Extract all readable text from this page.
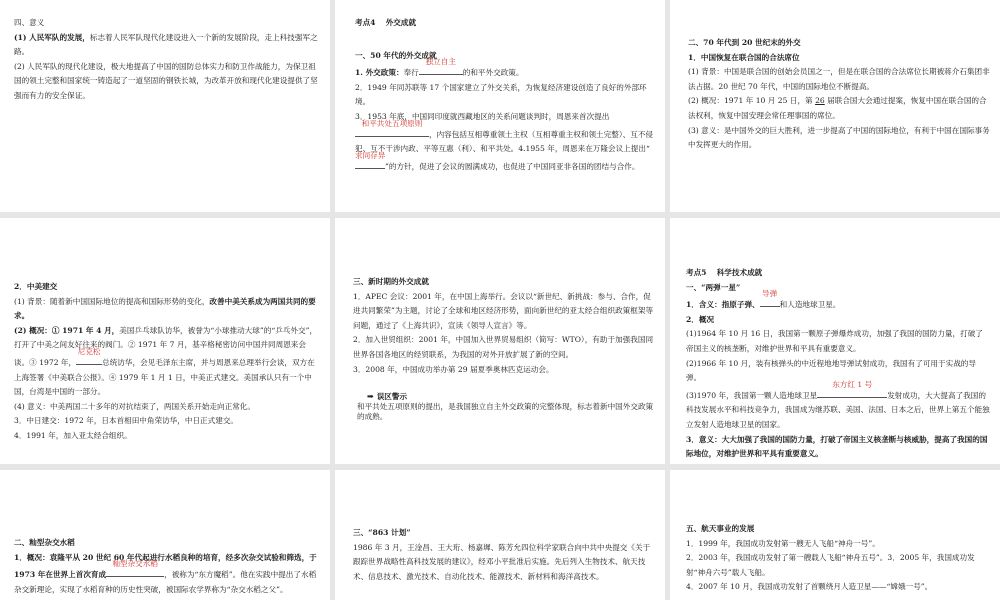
四、意义
(1) 人民军队的发展，标志着人民军队现代化建设进入一个新的发展阶段，走上科技强军之路。
(2) 人民军队的现代化建设，极大地提高了中国的国防总体实力和防卫作战能力，为保卫祖国的领土完整和国家统一铸造起了一道坚固的钢铁长城，为改革开放和现代化建设提供了坚强而有力的安全保证。
考点4　 外交成就
一、50 年代的外交成就
1. 外交政策：奉行
独立自主
的和平外交政策。
2．1949 年同苏联等 17 个国家建立了外交关系，为恢复经济建设创造了良好的外部环境。
3．1953 年底，中国同印度就西藏地区的关系问题谈判时，周恩来首次提出
和平共处五项原则
，内容包括互相尊重领土主权（互相尊重主权和领土完整）、互不侵犯、互不干涉内政、平等互惠（利）、和平共处。4.1955 年，周恩来在万隆会议上提出“
求同存异
”的方针，促进了会议的圆满成功，也促进了中国同亚非各国的团结与合作。
二、70 年代到 20 世纪末的外交
1．中国恢复在联合国的合法席位
(1) 背景：中国是联合国的创始会员国之一，但是在联合国的合法席位长期被蒋介石集团非法占据。20 世纪 70 年代，中国的国际地位不断提高。
(2) 概况：1971 年 10 月 25 日，第 26 届联合国大会通过提案，恢复中国在联合国的合法权利，恢复中国安理会常任理事国的席位。
(3) 意义：是中国外交的巨大胜利，进一步提高了中国的国际地位，有利于中国在国际事务中发挥更大的作用。
2．中美建交
(1) 背景：随着新中国国际地位的提高和国际形势的变化，改善中美关系成为两国共同的要求。
(2) 概况：① 1971 年 4 月，美国乒乓球队访华，被誉为“小球推动大球”的“乒乓外交”，打开了中美之间友好往来的阀门。② 1971 年 7 月，基辛格秘密访问中国并同周恩来会谈。③ 1972 年，
尼克松
总统访华，会见毛泽东主席，并与周恩来总理举行会谈，双方在上海签署《中美联合公报》。④ 1979 年 1 月 1 日，中美正式建交。美国承认只有一个中国，台湾是中国的一部分。
(4) 意义：中美两国二十多年的对抗结束了，两国关系开始走向正常化。
3．中日建交：1972 年，日本首相田中角荣访华，中日正式建交。
4．1991 年，加入亚太经合组织。
三、新时期的外交成就
1．APEC 会议：2001 年，在中国上海举行。会议以“新世纪、新挑战：参与、合作，促进共同繁荣”为主题，讨论了全球和地区经济形势，面向新世纪的亚太经合组织政策框架等问题，通过了《上海共识》，宣读《领导人宣言》等。
2．加入世贸组织：2001 年，中国加入世界贸易组织（简写：WTO），有助于加强我国同世界各国各地区的经贸联系，为我国的对外开放扩展了新的空间。
3．2008 年，中国成功举办第 29 届夏季奥林匹克运动会。
➡ 误区警示
和平共处五项原则的提出，是我国独立自主外交政策的完整体现，标志着新中国外交政策的成熟。
考点5　 科学技术成就
一、“两弹一星”
1．含义：指原子弹、
导弹
和人造地球卫星。
2．概况
(1)1964 年 10 月 16 日，我国第一颗原子弹爆炸成功，加强了我国的国防力量，打破了帝国主义的核垄断，对维护世界和平具有重要意义。
(2)1966 年 10 月，装有核弹头的中近程地地导弹试射成功，我国有了可用于实战的导弹。
(3)1970 年，我国第一颗人造地球卫星
东方红 1 号
发射成功，大大提高了我国的科技发展水平和科技竞争力，我国成为继苏联、美国、法国、日本之后，世界上第五个能独立发射人造地球卫星的国家。
3．意义：大大加强了我国的国防力量，打破了帝国主义核垄断与核威胁，提高了我国的国际地位，对维护世界和平具有重要意义。
二、籼型杂交水稻
1．概况：袁隆平从 20 世纪 60 年代起进行水稻良种的培育，经多次杂交试验和筛选，于 1973 年在世界上首次育成
籼型杂交水稻
，被称为“东方魔稻”。他在实践中提出了水稻杂交新理论，实现了水稻育种的历史性突破，被国际农学界称为“杂交水稻之父”。
三、“863 计划”
1986 年 3 月，王淦昌、王大珩、杨嘉墀、陈芳允四位科学家联合向中共中央提交《关于跟踪世界战略性高科技发展的建议》，经邓小平批准后实施。先后列入生物技术、航天技术、信息技术、激光技术、自动化技术、能源技术、新材料和海洋高技术。
五、航天事业的发展
1．1999 年，我国成功发射第一艘无人飞船“神舟一号”。
2．2003 年，我国成功发射了第一艘载人飞船“神舟五号”。3．2005 年，我国成功发射“神舟六号”载人飞船。
4．2007 年 10 月，我国成功发射了首颗绕月人造卫星——“嫦娥一号”。
